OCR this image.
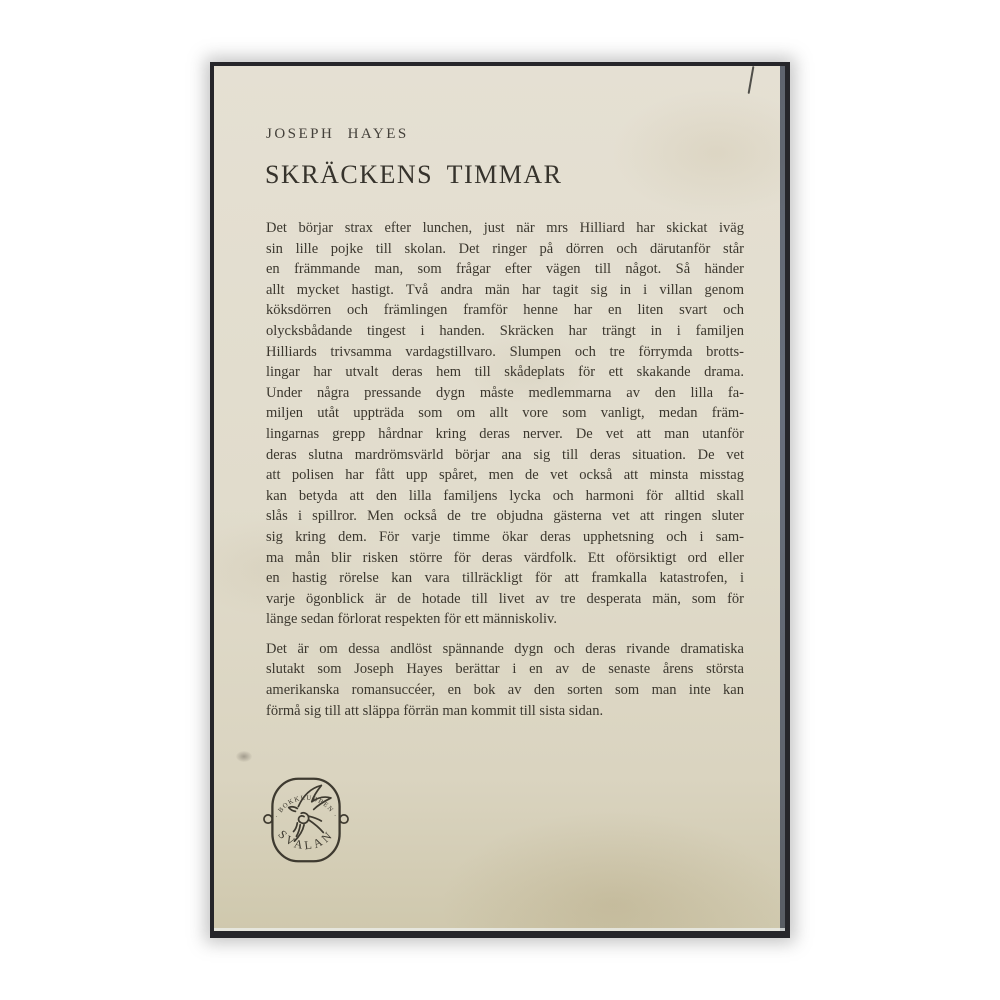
JOSEPH HAYES
SKRÄCKENS TIMMAR
Det börjar strax efter lunchen, just när mrs Hilliard har skickat iväg
sin lille pojke till skolan. Det ringer på dörren och därutanför står
en främmande man, som frågar efter vägen till något. Så händer
allt mycket hastigt. Två andra män har tagit sig in i villan genom
köksdörren och främlingen framför henne har en liten svart och
olycksbådande tingest i handen. Skräcken har trängt in i familjen
Hilliards trivsamma vardagstillvaro. Slumpen och tre förrymda brotts-
lingar har utvalt deras hem till skådeplats för ett skakande drama.
Under några pressande dygn måste medlemmarna av den lilla fa-
miljen utåt uppträda som om allt vore som vanligt, medan främ-
lingarnas grepp hårdnar kring deras nerver. De vet att man utanför
deras slutna mardrömsvärld börjar ana sig till deras situation. De vet
att polisen har fått upp spåret, men de vet också att minsta misstag
kan betyda att den lilla familjens lycka och harmoni för alltid skall
slås i spillror. Men också de tre objudna gästerna vet att ringen sluter
sig kring dem. För varje timme ökar deras upphetsning och i sam-
ma mån blir risken större för deras värdfolk. Ett oförsiktigt ord eller
en hastig rörelse kan vara tillräckligt för att framkalla katastrofen, i
varje ögonblick är de hotade till livet av tre desperata män, som för
länge sedan förlorat respekten för ett människoliv.
Det är om dessa andlöst spännande dygn och deras rivande dramatiska
slutakt som Joseph Hayes berättar i en av de senaste årens största
amerikanska romansuccéer, en bok av den sorten som man inte kan
förmå sig till att släppa förrän man kommit till sista sidan.
· BOKKLUBBEN ·
SVALAN
